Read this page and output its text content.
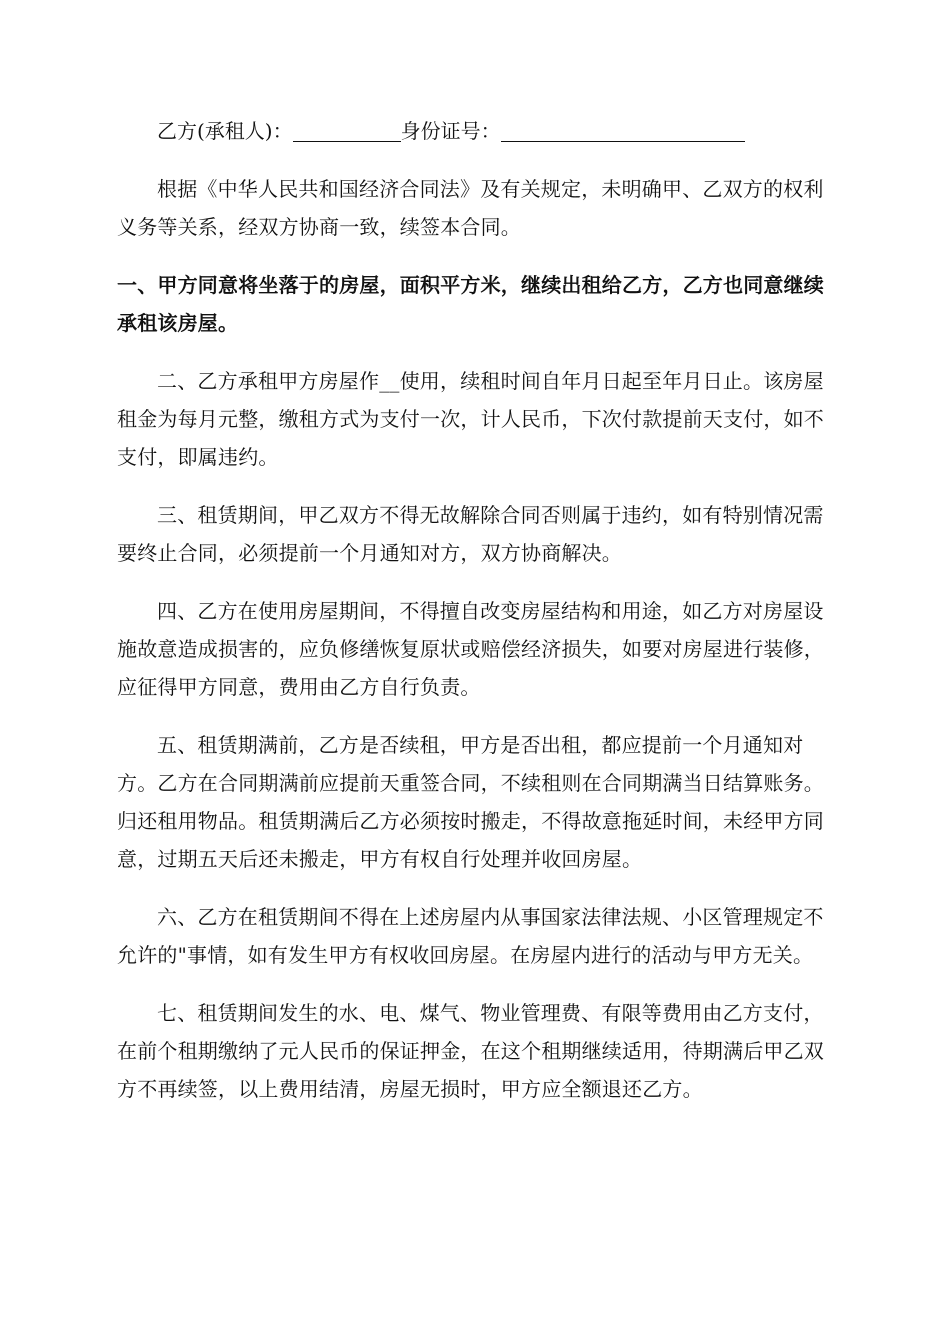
乙方(承租人)：	身份证号：

根据《中华人民共和国经济合同法》及有关规定，未明确甲、乙双方的权利义务等关系，经双方协商一致，续签本合同。

一、甲方同意将坐落于的房屋，面积平方米，继续出租给乙方，乙方也同意继续承租该房屋。

二、乙方承租甲方房屋作__使用，续租时间自年月日起至年月日止。该房屋租金为每月元整，缴租方式为支付一次，计人民币，下次付款提前天支付，如不支付，即属违约。

三、租赁期间，甲乙双方不得无故解除合同否则属于违约，如有特别情况需要终止合同，必须提前一个月通知对方，双方协商解决。

四、乙方在使用房屋期间，不得擅自改变房屋结构和用途，如乙方对房屋设施故意造成损害的，应负修缮恢复原状或赔偿经济损失，如要对房屋进行装修，应征得甲方同意，费用由乙方自行负责。

五、租赁期满前，乙方是否续租，甲方是否出租，都应提前一个月通知对方。乙方在合同期满前应提前天重签合同，不续租则在合同期满当日结算账务。归还租用物品。租赁期满后乙方必须按时搬走，不得故意拖延时间，未经甲方同意，过期五天后还未搬走，甲方有权自行处理并收回房屋。

六、乙方在租赁期间不得在上述房屋内从事国家法律法规、小区管理规定不允许的"事情，如有发生甲方有权收回房屋。在房屋内进行的活动与甲方无关。

七、租赁期间发生的水、电、煤气、物业管理费、有限等费用由乙方支付，在前个租期缴纳了元人民币的保证押金，在这个租期继续适用，待期满后甲乙双方不再续签，以上费用结清，房屋无损时，甲方应全额退还乙方。
